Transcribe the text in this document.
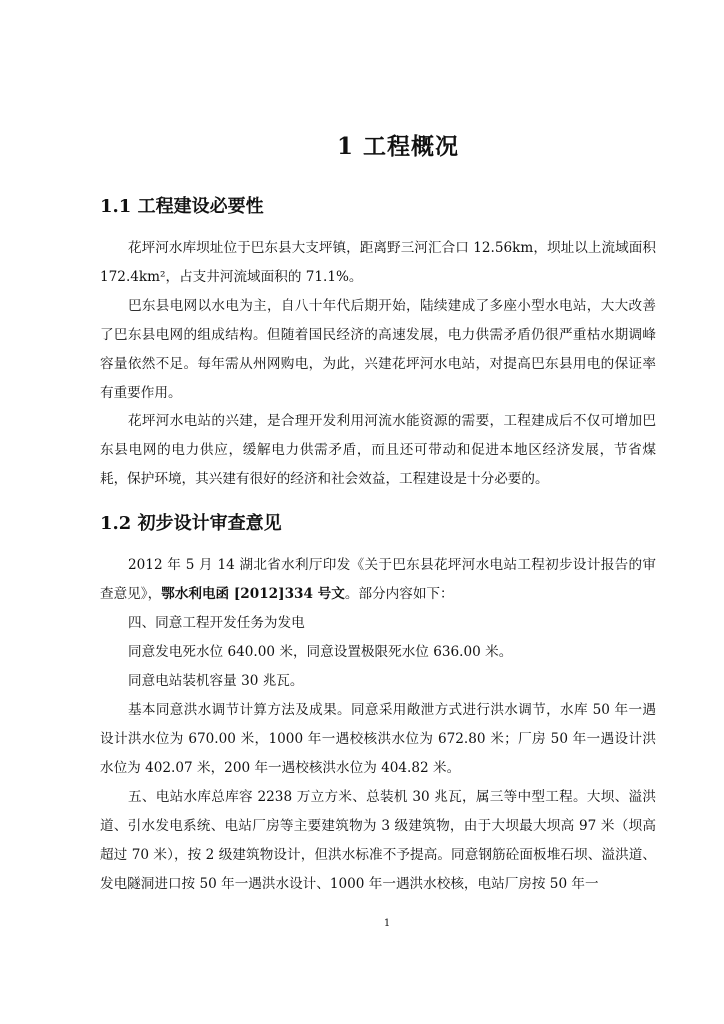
1 工程概况
1.1 工程建设必要性

花坪河水库坝址位于巴东县大支坪镇，距离野三河汇合口 12.56km，坝址以上流域面积 172.4km²，占支井河流域面积的 71.1%。

巴东县电网以水电为主，自八十年代后期开始，陆续建成了多座小型水电站，大大改善了巴东县电网的组成结构。但随着国民经济的高速发展，电力供需矛盾仍很严重枯水期调峰容量依然不足。每年需从州网购电，为此，兴建花坪河水电站，对提高巴东县用电的保证率有重要作用。

花坪河水电站的兴建，是合理开发利用河流水能资源的需要，工程建成后不仅可增加巴东县电网的电力供应，缓解电力供需矛盾，而且还可带动和促进本地区经济发展，节省煤耗，保护环境，其兴建有很好的经济和社会效益，工程建设是十分必要的。

1.2 初步设计审查意见

2012 年 5 月 14 湖北省水利厅印发《关于巴东县花坪河水电站工程初步设计报告的审查意见》，鄂水利电函 [2012]334 号文。部分内容如下：

四、同意工程开发任务为发电

同意发电死水位 640.00 米，同意设置极限死水位 636.00 米。

同意电站装机容量 30 兆瓦。

基本同意洪水调节计算方法及成果。同意采用敞泄方式进行洪水调节，水库 50 年一遇设计洪水位为 670.00 米，1000 年一遇校核洪水位为 672.80 米；厂房 50 年一遇设计洪水位为 402.07 米，200 年一遇校核洪水位为 404.82 米。

五、电站水库总库容 2238 万立方米、总装机 30 兆瓦，属三等中型工程。大坝、溢洪道、引水发电系统、电站厂房等主要建筑物为 3 级建筑物，由于大坝最大坝高 97 米（坝高超过 70 米），按 2 级建筑物设计，但洪水标准不予提高。同意钢筋砼面板堆石坝、溢洪道、发电隧洞进口按 50 年一遇洪水设计、1000 年一遇洪水校核，电站厂房按 50 年一

1
